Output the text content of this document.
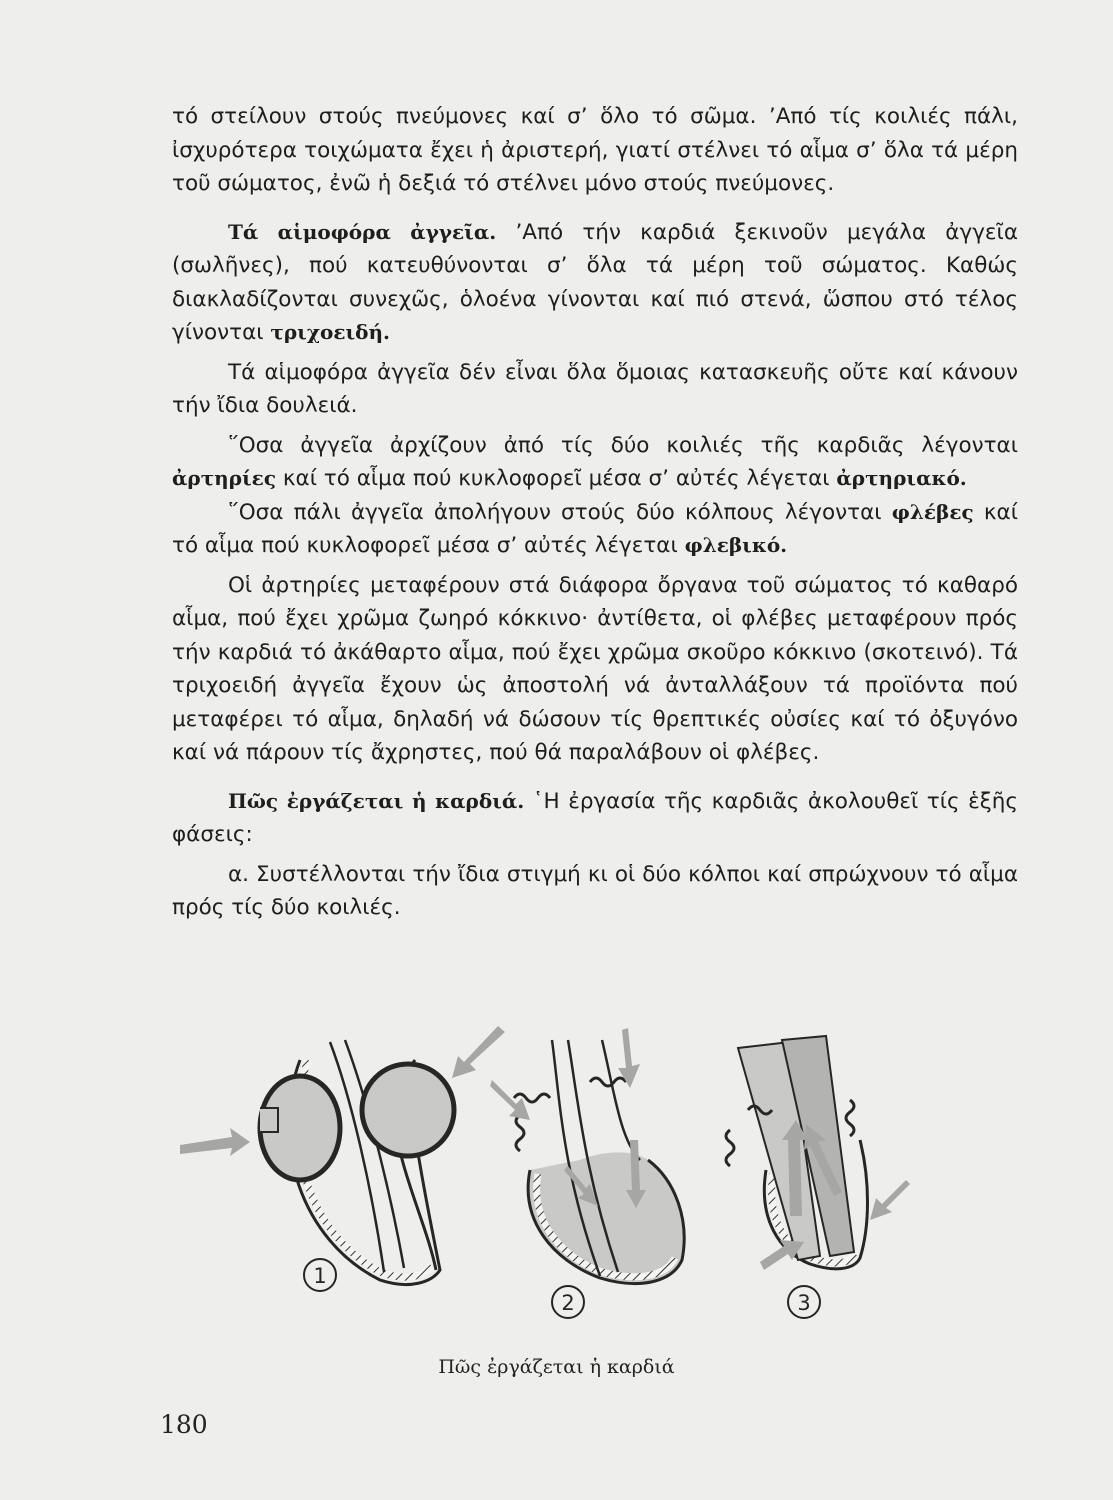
τό στείλουν στούς πνεύμονες καί σ’ ὅλο τό σῶμα. ’Από τίς κοιλιές πάλι, ἰσχυρότερα τοιχώματα ἔχει ἡ ἀριστερή, γιατί στέλνει τό αἷμα σ’ ὅλα τά μέρη τοῦ σώματος, ἐνῶ ἡ δεξιά τό στέλνει μόνο στούς πνεύμονες.

Τά αἱμοφόρα ἀγγεῖα. ’Από τήν καρδιά ξεκινοῦν μεγάλα ἀγγεῖα (σωλῆνες), πού κατευθύνονται σ’ ὅλα τά μέρη τοῦ σώματος. Καθώς διακλαδίζονται συνεχῶς, ὁλοένα γίνονται καί πιό στενά, ὥσπου στό τέλος γίνονται τριχοειδή.

Τά αἱμοφόρα ἀγγεῖα δέν εἶναι ὅλα ὅμοιας κατασκευῆς οὔτε καί κάνουν τήν ἴδια δουλειά.

῞Οσα ἀγγεῖα ἀρχίζουν ἀπό τίς δύο κοιλιές τῆς καρδιᾶς λέγονται ἀρτηρίες καί τό αἷμα πού κυκλοφορεῖ μέσα σ’ αὐτές λέγεται ἀρτηριακό.

῞Οσα πάλι ἀγγεῖα ἀπολήγουν στούς δύο κόλπους λέγονται φλέβες καί τό αἷμα πού κυκλοφορεῖ μέσα σ’ αὐτές λέγεται φλεβικό.

Οἱ ἀρτηρίες μεταφέρουν στά διάφορα ὄργανα τοῦ σώματος τό καθαρό αἷμα, πού ἔχει χρῶμα ζωηρό κόκκινο· ἀντίθετα, οἱ φλέβες μεταφέρουν πρός τήν καρδιά τό ἀκάθαρτο αἷμα, πού ἔχει χρῶμα σκοῦρο κόκκινο (σκοτεινό). Τά τριχοειδή ἀγγεῖα ἔχουν ὡς ἀποστολή νά ἀνταλλάξουν τά προϊόντα πού μεταφέρει τό αἷμα, δηλαδή νά δώσουν τίς θρεπτικές οὐσίες καί τό ὀξυγόνο καί νά πάρουν τίς ἄχρηστες, πού θά παραλάβουν οἱ φλέβες.

Πῶς ἐργάζεται ἡ καρδιά. ῾Η ἐργασία τῆς καρδιᾶς ἀκολουθεῖ τίς ἑξῆς φάσεις:

α. Συστέλλονται τήν ἴδια στιγμή κι οἱ δύο κόλποι καί σπρώχνουν τό αἷμα πρός τίς δύο κοιλιές.

1
2	3
Πῶς ἐργάζεται ἡ καρδιά
180
